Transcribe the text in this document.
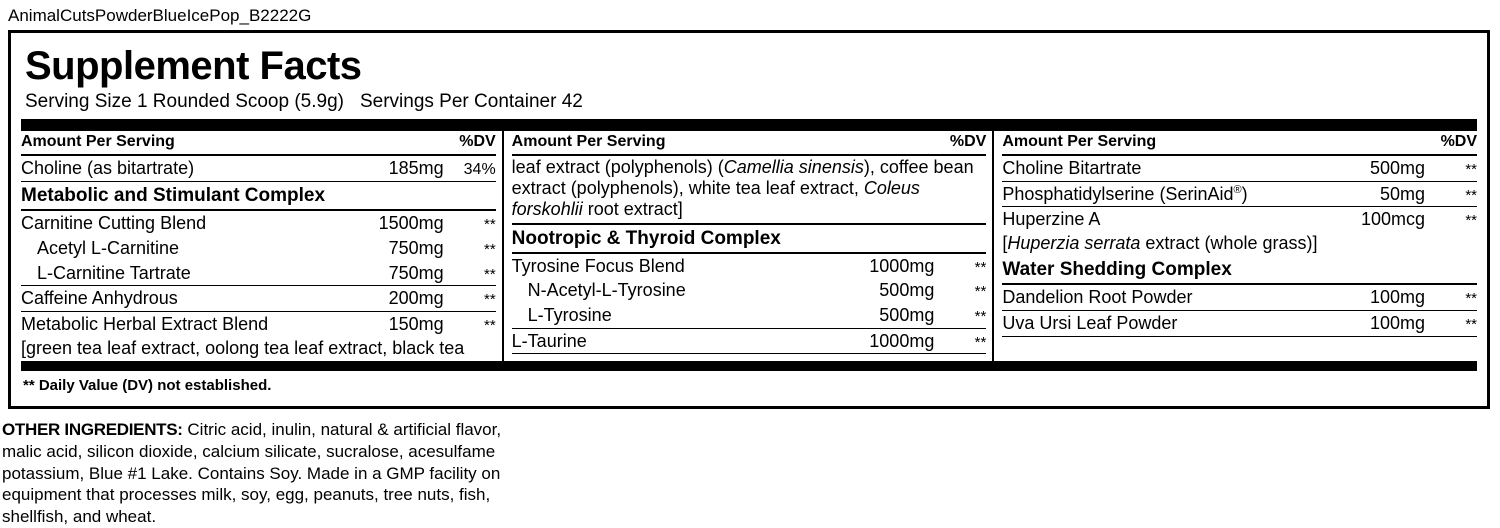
AnimalCutsPowderBlueIcePop_B2222G
Supplement Facts
Serving Size 1 Rounded Scoop (5.9g) Servings Per Container 42
Amount Per Serving	%DV
Choline (as bitartrate)	185mg	34%
Metabolic and Stimulant Complex
Carnitine Cutting Blend	1500mg	**
Acetyl L-Carnitine	750mg	**
L-Carnitine Tartrate	750mg	**
Caffeine Anhydrous	200mg	**
Metabolic Herbal Extract Blend	150mg	**
[green tea leaf extract, oolong tea leaf extract, black tea
Amount Per Serving	%DV
leaf extract (polyphenols) (Camellia sinensis), coffee bean extract (polyphenols), white tea leaf extract, Coleus forskohlii root extract]
Nootropic & Thyroid Complex
Tyrosine Focus Blend	1000mg	**
N-Acetyl-L-Tyrosine	500mg	**
L-Tyrosine	500mg	**
L-Taurine	1000mg	**
Amount Per Serving	%DV
Choline Bitartrate	500mg	**
Phosphatidylserine (SerinAid®)	50mg	**
Huperzine A	100mcg	**
[Huperzia serrata extract (whole grass)]
Water Shedding Complex
Dandelion Root Powder	100mg	**
Uva Ursi Leaf Powder	100mg	**
** Daily Value (DV) not established.
OTHER INGREDIENTS: Citric acid, inulin, natural & artificial flavor, malic acid, silicon dioxide, calcium silicate, sucralose, acesulfame potassium, Blue #1 Lake. Contains Soy. Made in a GMP facility on equipment that processes milk, soy, egg, peanuts, tree nuts, fish, shellfish, and wheat.
